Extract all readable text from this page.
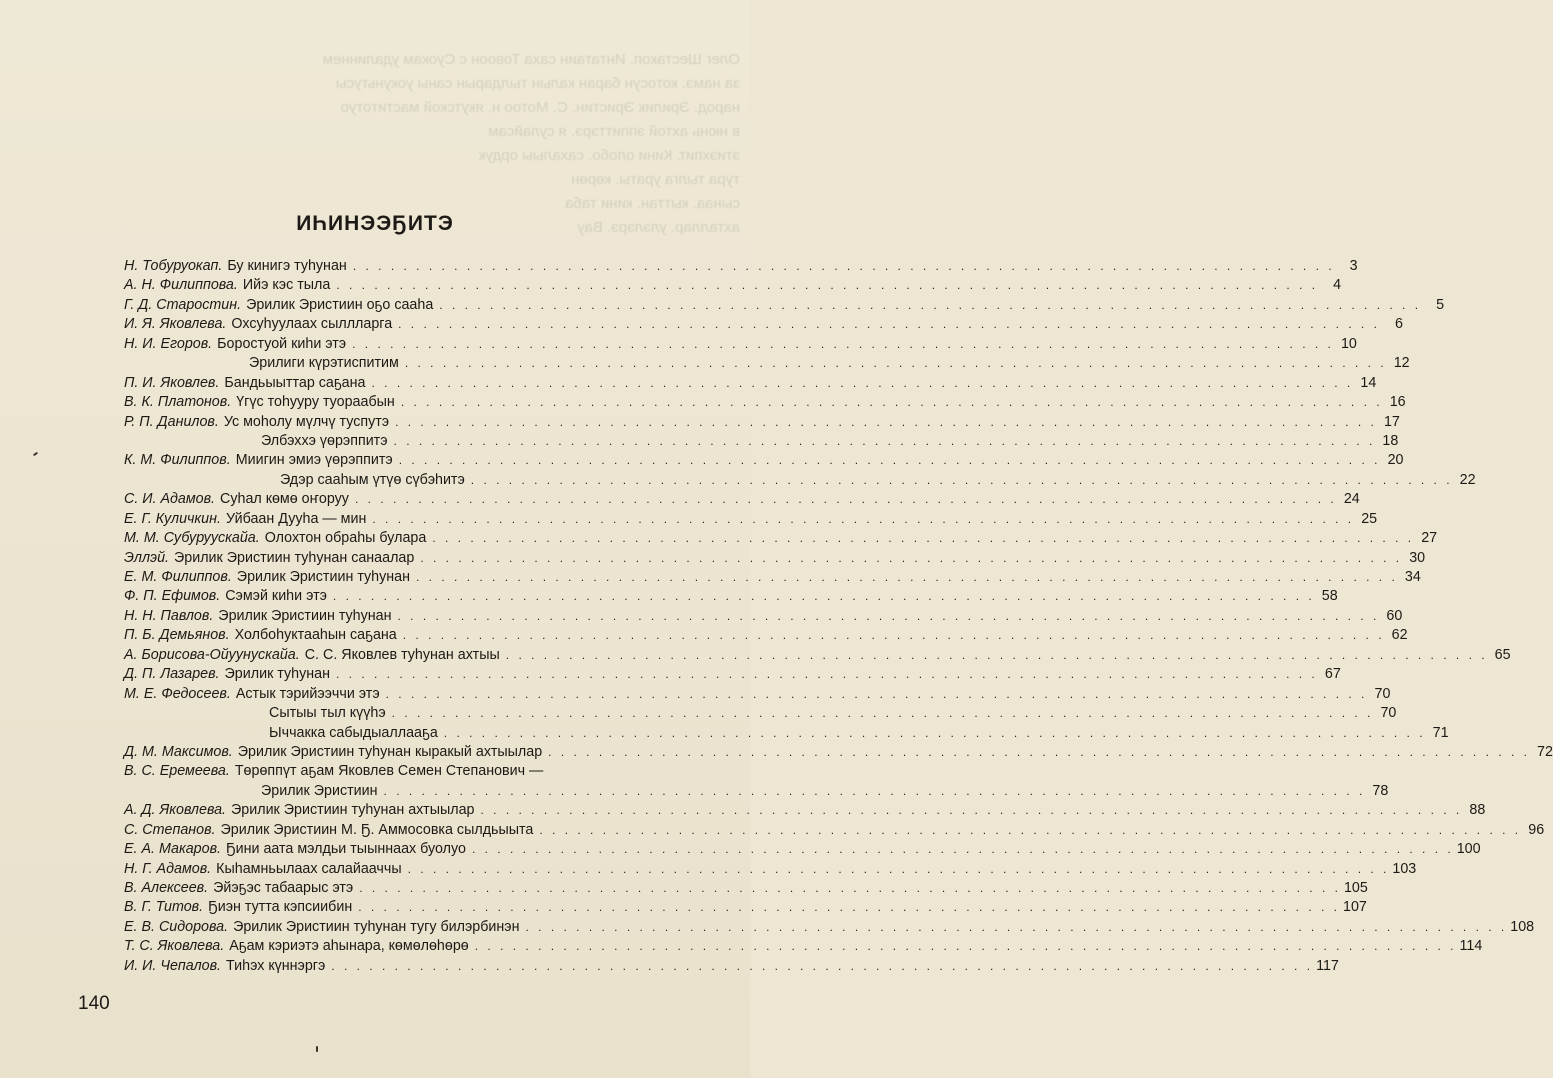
Олег Шестакоп. Интатаин саха Товоон с Суокам удалиннем
за намэ. котосун баран калын тылдарын саны уокуньтусы
народ. Эрилик Эристин. С. Мотоо н. якутской маститотуо
в нюнь ахтой эппиттэрэ. я сулайсам
этиэхпит. Кини олобо. сахалыы ордук
тура тылга ураты. көрөн
сынаа. кыттан. кини таба
ахталлар. улэлэрэ. Вау
ИҺИНЭЭҔИТЭ
Н. Тобуруокап. Бу кинигэ туһунан . . .	3
А. Н. Филиппова. Ийэ кэс тыла . . .	4
Г. Д. Старостин. Эрилик Эристиин оҕо сааһа . . .	5
И. Я. Яковлева. Охсуһуулаах сыллларга . . .	6
Н. И. Егоров. Боростуой киһи этэ . . .	10
Эрилиги күрэтиспитим . . .	12
П. И. Яковлев. Бандьыыттар саҕана . . .	14
В. К. Платонов. Үгүс тоһууру туораабын . . .	16
Р. П. Данилов. Ус моһолу мүлчү туспутэ . . .	17
Элбэххэ үөрэппитэ . . .	18
К. М. Филиппов. Миигин эмиэ үөрэппитэ . . .	20
Эдэр сааһым үтүө сүбэһитэ . . .	22
С. И. Адамов. Суһал көмө оҥоруу . . .	24
Е. Г. Куличкин. Уйбаан Дууһа — мин . . .	25
М. М. Субуруускайа. Олохтон обраһы булара . . .	27
Эллэй. Эрилик Эристиин туһунан санаалар . . .	30
Е. М. Филиппов. Эрилик Эристиин туһунан . . .	34
Ф. П. Ефимов. Сэмэй киһи этэ . . .	58
Н. Н. Павлов. Эрилик Эристиин туһунан . . .	60
П. Б. Демьянов. Холбоһуктааһын саҕана . . .	62
А. Борисова-Ойуунускайа. С. С. Яковлев туһунан ахтыы . . .	65
Д. П. Лазарев. Эрилик туһунан . . .	67
М. Е. Федосеев. Астык тэрийээччи этэ . . .	70
Сытыы тыл күүһэ . . .	70
Ыччакка сабыдыаллааҕа . . .	71
Д. М. Максимов. Эрилик Эристиин туһунан кыракый ахтыылар . . .	72
В. С. Еремеева. Төрөппүт аҕам Яковлев Семен Степанович —
Эрилик Эристиин . . .	78
А. Д. Яковлева. Эрилик Эристиин туһунан ахтыылар . . .	88
С. Степанов. Эрилик Эристиин М. Ҕ. Аммосовка сылдьыыта . . .	96
Е. А. Макаров. Ҕини аата мэлдьи тыыннаах буолуо . . .	100
Н. Г. Адамов. Кыһамньылаах салайааччы . . .	103
В. Алексеев. Эйэҕэс табаарыс этэ . . .	105
В. Г. Титов. Ҕиэн тутта кэпсиибин . . .	107
Е. В. Сидорова. Эрилик Эристиин туһунан тугу билэрбинэн . . .	108
Т. С. Яковлева. Аҕам кэриэтэ аһынара, көмөлөһөрө . . .	114
И. И. Чепалов. Тиһэх күннэргэ . . .	117
140
